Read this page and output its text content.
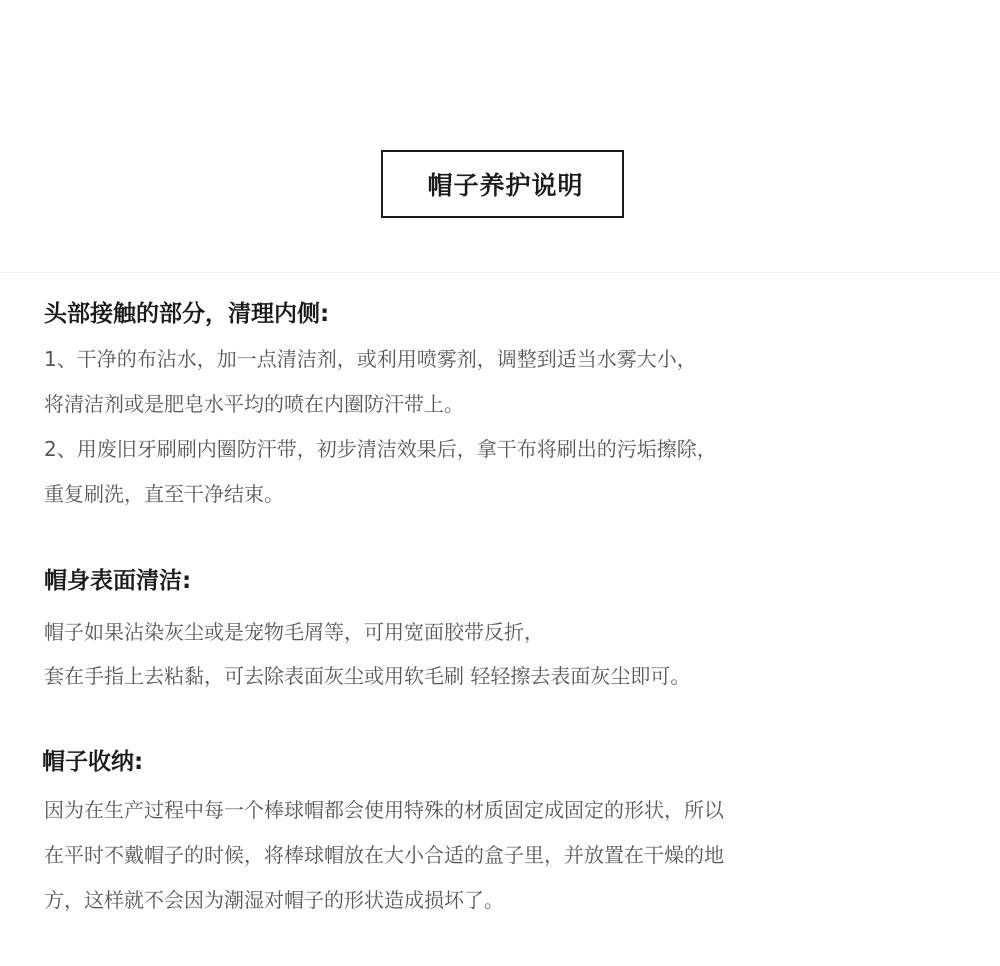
帽子养护说明
头部接触的部分，清理内侧:
1、干净的布沾水，加一点清洁剂，或利用喷雾剂，调整到适当水雾大小，
将清洁剂或是肥皂水平均的喷在内圈防汗带上。
2、用废旧牙刷刷内圈防汗带，初步清洁效果后，拿干布将刷出的污垢擦除，
重复刷洗，直至干净结束。
帽身表面清洁:
帽子如果沾染灰尘或是宠物毛屑等，可用宽面胶带反折，
套在手指上去粘黏，可去除表面灰尘或用软毛刷 轻轻擦去表面灰尘即可。
帽子收纳:
因为在生产过程中每一个棒球帽都会使用特殊的材质固定成固定的形状，所以
在平时不戴帽子的时候，将棒球帽放在大小合适的盒子里，并放置在干燥的地
方，这样就不会因为潮湿对帽子的形状造成损坏了。
